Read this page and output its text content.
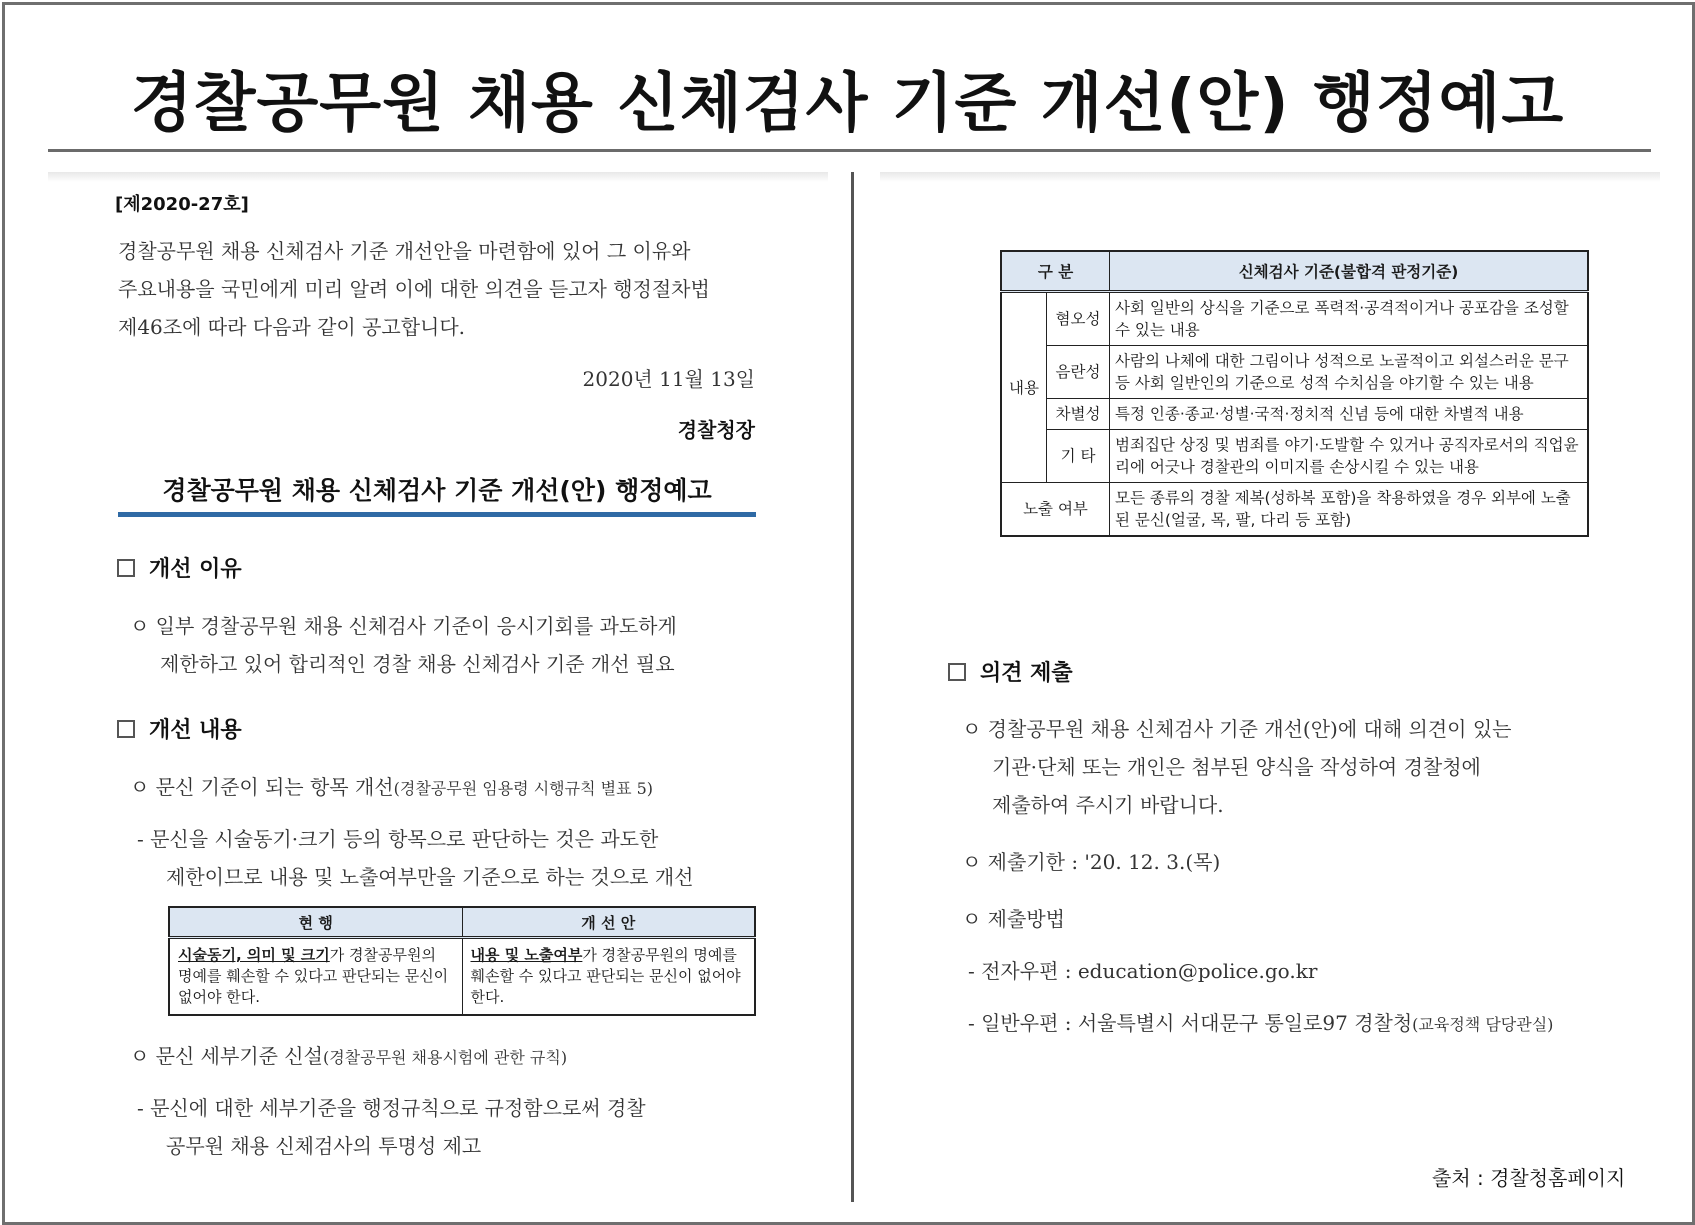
경찰공무원 채용 신체검사 기준 개선(안) 행정예고
[제2020-27호]
경찰공무원 채용 신체검사 기준 개선안을 마련함에 있어 그 이유와
주요내용을 국민에게 미리 알려 이에 대한 의견을 듣고자 행정절차법
제46조에 따라 다음과 같이 공고합니다.
2020년 11월 13일
경찰청장
경찰공무원 채용 신체검사 기준 개선(안) 행정예고
개선 이유
ㅇ 일부 경찰공무원 채용 신체검사 기준이 응시기회를 과도하게
제한하고 있어 합리적인 경찰 채용 신체검사 기준 개선 필요
개선 내용
ㅇ 문신 기준이 되는 항목 개선(경찰공무원 임용령 시행규칙 별표 5)
- 문신을 시술동기·크기 등의 항목으로 판단하는 것은 과도한
제한이므로 내용 및 노출여부만을 기준으로 하는 것으로 개선
현 행	개 선 안
시술동기, 의미 및 크기가 경찰공무원의 명예를 훼손할 수 있다고 판단되는 문신이 없어야 한다.	내용 및 노출여부가 경찰공무원의 명예를 훼손할 수 있다고 판단되는 문신이 없어야 한다.
ㅇ 문신 세부기준 신설(경찰공무원 채용시험에 관한 규칙)
- 문신에 대한 세부기준을 행정규칙으로 규정함으로써 경찰
공무원 채용 신체검사의 투명성 제고
구 분		신체검사 기준(불합격 판정기준)
내용	혐오성	사회 일반의 상식을 기준으로 폭력적·공격적이거나 공포감을 조성할 수 있는 내용
	음란성	사람의 나체에 대한 그림이나 성적으로 노골적이고 외설스러운 문구 등 사회 일반인의 기준으로 성적 수치심을 야기할 수 있는 내용
	차별성	특정 인종·종교·성별·국적·정치적 신념 등에 대한 차별적 내용
	기 타	범죄집단 상징 및 범죄를 야기·도발할 수 있거나 공직자로서의 직업윤리에 어긋나 경찰관의 이미지를 손상시킬 수 있는 내용
노출 여부		모든 종류의 경찰 제복(성하복 포함)을 착용하였을 경우 외부에 노출된 문신(얼굴, 목, 팔, 다리 등 포함)
의견 제출
ㅇ 경찰공무원 채용 신체검사 기준 개선(안)에 대해 의견이 있는
기관·단체 또는 개인은 첨부된 양식을 작성하여 경찰청에
제출하여 주시기 바랍니다.
ㅇ 제출기한 : '20. 12. 3.(목)
ㅇ 제출방법
- 전자우편 : education@police.go.kr
- 일반우편 : 서울특별시 서대문구 통일로97 경찰청(교육정책 담당관실)
출처 : 경찰청홈페이지
